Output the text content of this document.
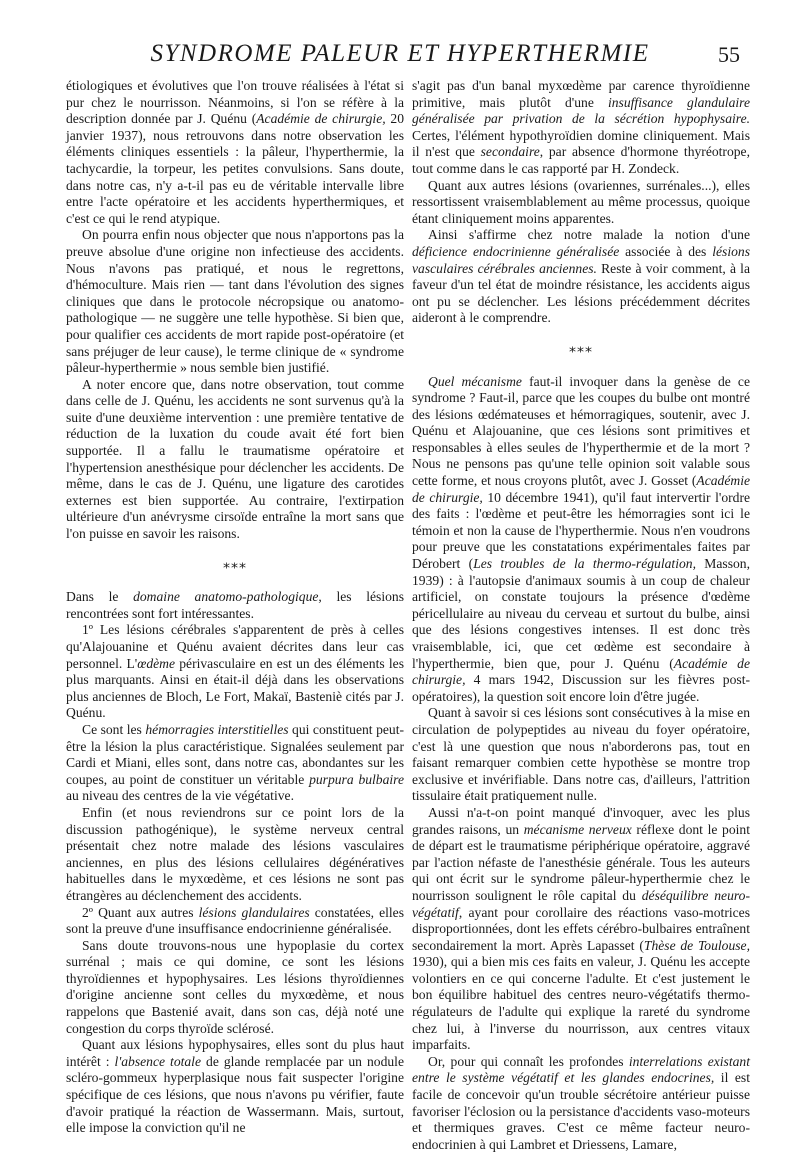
SYNDROME PALEUR ET HYPERTHERMIE	55

étiologiques et évolutives que l'on trouve réalisées à l'état si pur chez le nourrisson. Néanmoins, si l'on se réfère à la description donnée par J. Quénu (Académie de chirurgie, 20 janvier 1937), nous retrouvons dans notre observation les éléments cliniques essentiels : la pâleur, l'hyperthermie, la tachycardie, la torpeur, les petites convulsions. Sans doute, dans notre cas, n'y a-t-il pas eu de véritable intervalle libre entre l'acte opératoire et les accidents hyperthermiques, et c'est ce qui le rend atypique.

On pourra enfin nous objecter que nous n'apportons pas la preuve absolue d'une origine non infectieuse des accidents. Nous n'avons pas pratiqué, et nous le regrettons, d'hémoculture. Mais rien — tant dans l'évolution des signes cliniques que dans le protocole nécropsique ou anatomo-pathologique — ne suggère une telle hypothèse. Si bien que, pour qualifier ces accidents de mort rapide post-opératoire (et sans préjuger de leur cause), le terme clinique de « syndrome pâleur-hyperthermie » nous semble bien justifié.

A noter encore que, dans notre observation, tout comme dans celle de J. Quénu, les accidents ne sont survenus qu'à la suite d'une deuxième intervention : une première tentative de réduction de la luxation du coude avait été fort bien supportée. Il a fallu le traumatisme opératoire et l'hypertension anesthésique pour déclencher les accidents. De même, dans le cas de J. Quénu, une ligature des carotides externes est bien supportée. Au contraire, l'extirpation ultérieure d'un anévrysme cirsoïde entraîne la mort sans que l'on puisse en savoir les raisons.

⁎⁎⁎

Dans le domaine anatomo-pathologique, les lésions rencontrées sont fort intéressantes.

1º Les lésions cérébrales s'apparentent de près à celles qu'Alajouanine et Quénu avaient décrites dans leur cas personnel. L'œdème périvasculaire en est un des éléments les plus marquants. Ainsi en était-il déjà dans les observations plus anciennes de Bloch, Le Fort, Makaï, Basteniè cités par J. Quénu.

Ce sont les hémorragies interstitielles qui constituent peut-être la lésion la plus caractéristique. Signalées seulement par Cardi et Miani, elles sont, dans notre cas, abondantes sur les coupes, au point de constituer un véritable purpura bulbaire au niveau des centres de la vie végétative.

Enfin (et nous reviendrons sur ce point lors de la discussion pathogénique), le système nerveux central présentait chez notre malade des lésions vasculaires anciennes, en plus des lésions cellulaires dégénératives habituelles dans le myxœdème, et ces lésions ne sont pas étrangères au déclenchement des accidents.

2º Quant aux autres lésions glandulaires constatées, elles sont la preuve d'une insuffisance endocrinienne généralisée.

Sans doute trouvons-nous une hypoplasie du cortex surrénal ; mais ce qui domine, ce sont les lésions thyroïdiennes et hypophysaires. Les lésions thyroïdiennes d'origine ancienne sont celles du myxœdème, et nous rappelons que Bastenié avait, dans son cas, déjà noté une congestion du corps thyroïde sclérosé.

Quant aux lésions hypophysaires, elles sont du plus haut intérêt : l'absence totale de glande remplacée par un nodule scléro-gommeux hyperplasique nous fait suspecter l'origine spécifique de ces lésions, que nous n'avons pu vérifier, faute d'avoir pratiqué la réaction de Wassermann. Mais, surtout, elle impose la conviction qu'il ne

s'agit pas d'un banal myxœdème par carence thyroïdienne primitive, mais plutôt d'une insuffisance glandulaire généralisée par privation de la sécrétion hypophysaire. Certes, l'élément hypothyroïdien domine cliniquement. Mais il n'est que secondaire, par absence d'hormone thyréotrope, tout comme dans le cas rapporté par H. Zondeck.

Quant aux autres lésions (ovariennes, surrénales...), elles ressortissent vraisemblablement au même processus, quoique étant cliniquement moins apparentes.

Ainsi s'affirme chez notre malade la notion d'une déficience endocrinienne généralisée associée à des lésions vasculaires cérébrales anciennes. Reste à voir comment, à la faveur d'un tel état de moindre résistance, les accidents aigus ont pu se déclencher. Les lésions précédemment décrites aideront à le comprendre.

⁎⁎⁎

Quel mécanisme faut-il invoquer dans la genèse de ce syndrome ? Faut-il, parce que les coupes du bulbe ont montré des lésions œdémateuses et hémorragiques, soutenir, avec J. Quénu et Alajouanine, que ces lésions sont primitives et responsables à elles seules de l'hyperthermie et de la mort ? Nous ne pensons pas qu'une telle opinion soit valable sous cette forme, et nous croyons plutôt, avec J. Gosset (Académie de chirurgie, 10 décembre 1941), qu'il faut intervertir l'ordre des faits : l'œdème et peut-être les hémorragies sont ici le témoin et non la cause de l'hyperthermie. Nous n'en voudrons pour preuve que les constatations expérimentales faites par Dérobert (Les troubles de la thermo-régulation, Masson, 1939) : à l'autopsie d'animaux soumis à un coup de chaleur artificiel, on constate toujours la présence d'œdème péricellulaire au niveau du cerveau et surtout du bulbe, ainsi que des lésions congestives intenses. Il est donc très vraisemblable, ici, que cet œdème est secondaire à l'hyperthermie, bien que, pour J. Quénu (Académie de chirurgie, 4 mars 1942, Discussion sur les fièvres post-opératoires), la question soit encore loin d'être jugée.

Quant à savoir si ces lésions sont consécutives à la mise en circulation de polypeptides au niveau du foyer opératoire, c'est là une question que nous n'aborderons pas, tout en faisant remarquer combien cette hypothèse se montre trop exclusive et invérifiable. Dans notre cas, d'ailleurs, l'attrition tissulaire était pratiquement nulle.

Aussi n'a-t-on point manqué d'invoquer, avec les plus grandes raisons, un mécanisme nerveux réflexe dont le point de départ est le traumatisme périphérique opératoire, aggravé par l'action néfaste de l'anesthésie générale. Tous les auteurs qui ont écrit sur le syndrome pâleur-hyperthermie chez le nourrisson soulignent le rôle capital du déséquilibre neuro-végétatif, ayant pour corollaire des réactions vaso-motrices disproportionnées, dont les effets cérébro-bulbaires entraînent secondairement la mort. Après Lapasset (Thèse de Toulouse, 1930), qui a bien mis ces faits en valeur, J. Quénu les accepte volontiers en ce qui concerne l'adulte. Et c'est justement le bon équilibre habituel des centres neuro-végétatifs thermo-régulateurs de l'adulte qui explique la rareté du syndrome chez lui, à l'inverse du nourrisson, aux centres vitaux imparfaits.

Or, pour qui connaît les profondes interrelations existant entre le système végétatif et les glandes endocrines, il est facile de concevoir qu'un trouble sécrétoire antérieur puisse favoriser l'éclosion ou la persistance d'accidents vaso-moteurs et thermiques graves. C'est ce même facteur neuro-endocrinien à qui Lambret et Driessens, Lamare,
